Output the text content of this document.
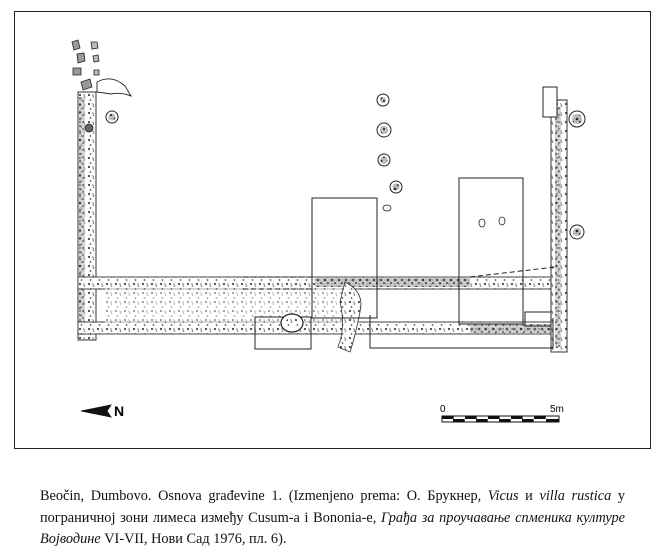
N	0	5m
Beočin, Dumbovo. Osnova građevine 1. (Izmenjeno prema: О. Брукнер, Vicus и villa rustica у пограничној зони лимеса између Cusum-a і Bononia-e, Грађа за проучавање спменика културе Војводине VI-VII, Нови Сад 1976, пл. 6).
